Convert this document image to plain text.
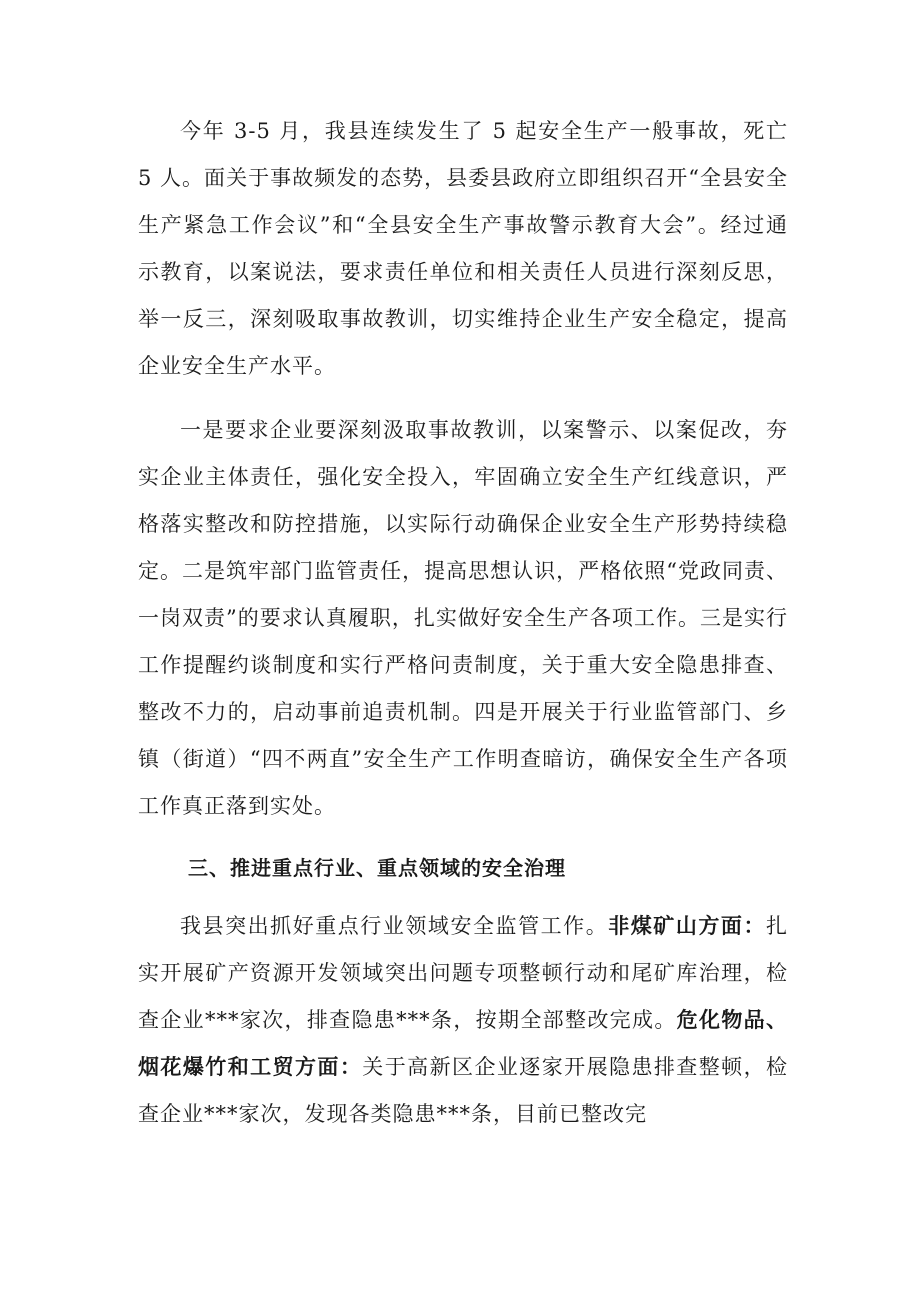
今年 3-5 月，我县连续发生了 5 起安全生产一般事故，死亡 5 人。面关于事故频发的态势，县委县政府立即组织召开“全县安全生产紧急工作会议”和“全县安全生产事故警示教育大会”。经过通示教育，以案说法，要求责任单位和相关责任人员进行深刻反思，举一反三，深刻吸取事故教训，切实维持企业生产安全稳定，提高企业安全生产水平。

一是要求企业要深刻汲取事故教训，以案警示、以案促改，夯实企业主体责任，强化安全投入，牢固确立安全生产红线意识，严格落实整改和防控措施，以实际行动确保企业安全生产形势持续稳定。二是筑牢部门监管责任，提高思想认识，严格依照“党政同责、一岗双责”的要求认真履职，扎实做好安全生产各项工作。三是实行工作提醒约谈制度和实行严格问责制度，关于重大安全隐患排查、整改不力的，启动事前追责机制。四是开展关于行业监管部门、乡镇（街道）“四不两直”安全生产工作明查暗访，确保安全生产各项工作真正落到实处。

三、推进重点行业、重点领域的安全治理

我县突出抓好重点行业领域安全监管工作。非煤矿山方面：扎实开展矿产资源开发领域突出问题专项整顿行动和尾矿库治理，检查企业***家次，排查隐患***条，按期全部整改完成。危化物品、烟花爆竹和工贸方面：关于高新区企业逐家开展隐患排查整顿，检查企业***家次，发现各类隐患***条，目前已整改完
